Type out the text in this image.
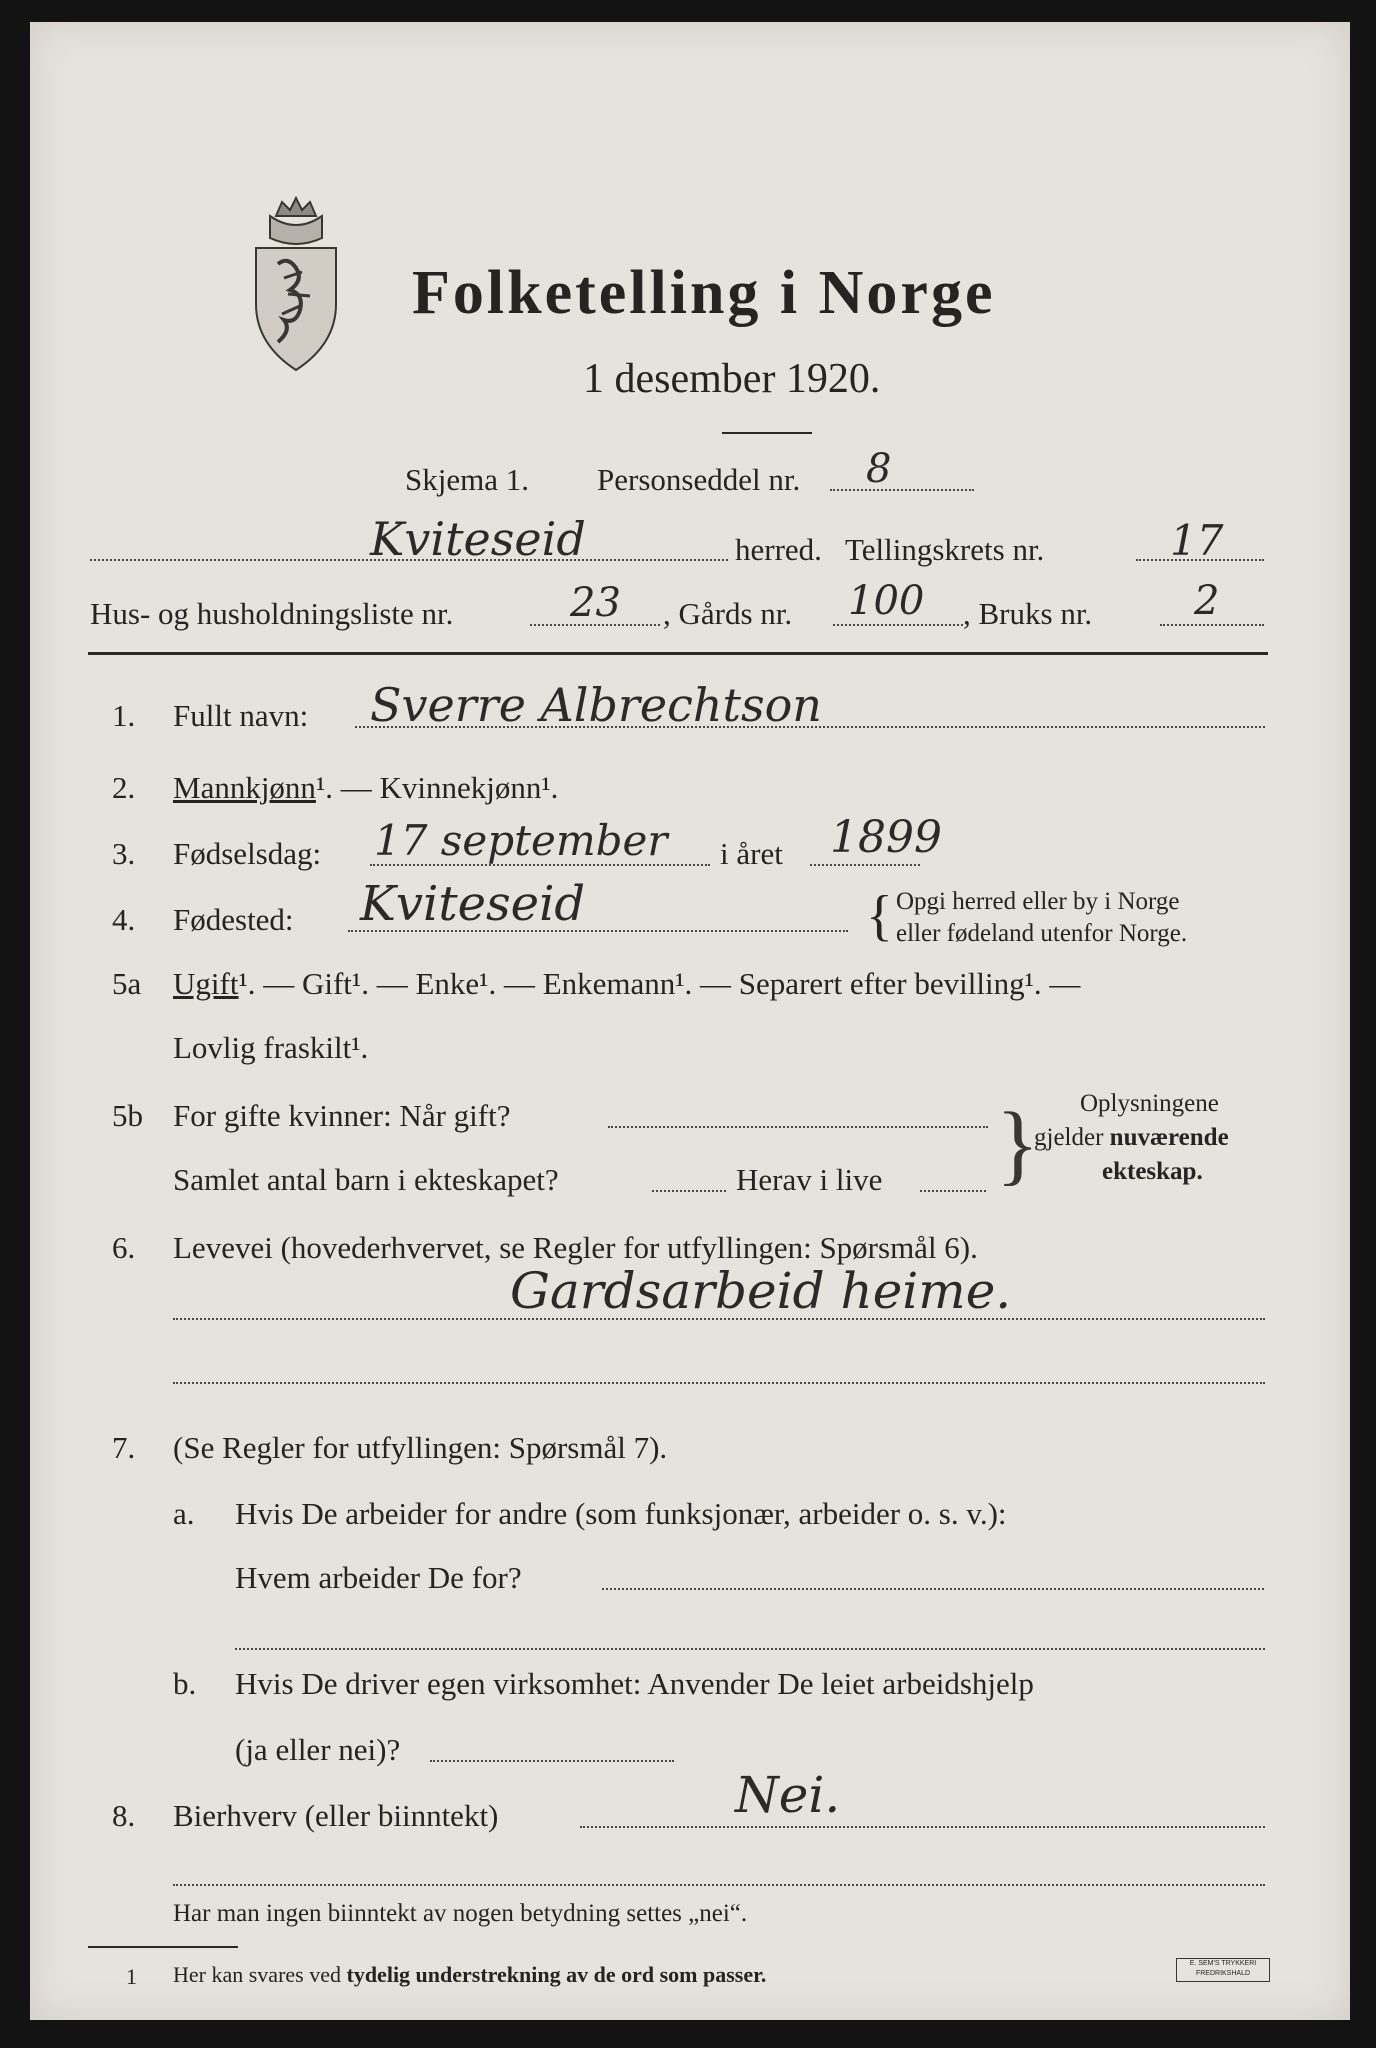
Folketelling i Norge
1 desember 1920.
Skjema 1. Personseddel nr. 8
Kviteseid	herred. Tellingskrets nr.	17
Hus- og husholdningsliste nr.	23 , Gårds nr. 100 , Bruks nr.	2
1. Fullt navn: Sverre Albrechtson
2. Mannkjønn¹. — Kvinnekjønn¹.
3. Fødselsdag: 17 september i året 1899
4. Fødested: Kviteseid	{ Opgi herred eller by i Norge
eller fødeland utenfor Norge.
5a Ugift¹. — Gift¹. — Enke¹. — Enkemann¹. — Separert efter bevilling¹. —
Lovlig fraskilt¹.
5b For gifte kvinner: Når gift?
Samlet antal barn i ekteskapet?	Herav i live } Oplysningene
gjelder nuværende
ekteskap.
6. Levevei (hovederhvervet, se Regler for utfyllingen: Spørsmål 6).
Gardsarbeid heime.
7. (Se Regler for utfyllingen: Spørsmål 7).
a. Hvis De arbeider for andre (som funksjonær, arbeider o. s. v.):
Hvem arbeider De for?
b. Hvis De driver egen virksomhet: Anvender De leiet arbeidshjelp
(ja eller nei)?
8. Bierhverv (eller biinntekt)	Nei.
Har man ingen biinntekt av nogen betydning settes „nei“.
1 Her kan svares ved tydelig understrekning av de ord som passer.	E. SEM'S TRYKKERI FREDRIKSHALD
